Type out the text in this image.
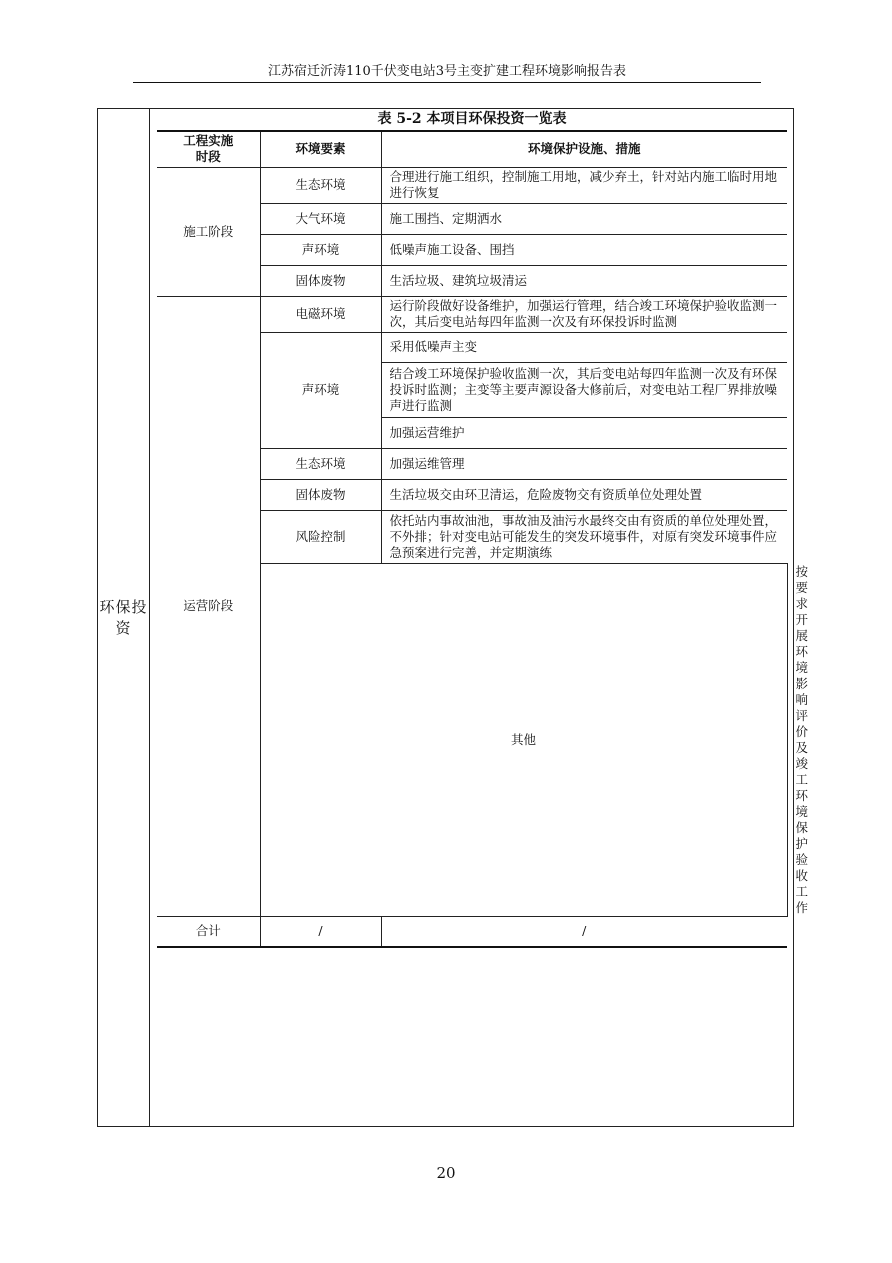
江苏宿迁沂涛110千伏变电站3号主变扩建工程环境影响报告表
环保投资
表 5-2 本项目环保投资一览表
工程实施时段	环境要素	环境保护设施、措施	
施工阶段	生态环境	合理进行施工组织，控制施工用地，减少弃土，针对站内施工临时用地进行恢复	
	大气环境	施工围挡、定期洒水	
	声环境	低噪声施工设备、围挡	
	固体废物	生活垃圾、建筑垃圾清运	
运营阶段	电磁环境	运行阶段做好设备维护，加强运行管理，结合竣工环境保护验收监测一次，其后变电站每四年监测一次及有环保投诉时监测	
	声环境	采用低噪声主变	
		结合竣工环境保护验收监测一次，其后变电站每四年监测一次及有环保投诉时监测；主变等主要声源设备大修前后，对变电站工程厂界排放噪声进行监测	
		加强运营维护	
	生态环境	加强运维管理	
	固体废物	生活垃圾交由环卫清运，危险废物交有资质单位处理处置	
	风险控制	依托站内事故油池，事故油及油污水最终交由有资质的单位处理处置，不外排；针对变电站可能发生的突发环境事件，对原有突发环境事件应急预案进行完善，并定期演练	
	其他		按要求开展环境影响评价及竣工环境保护验收工作
合计	/	/	
20
